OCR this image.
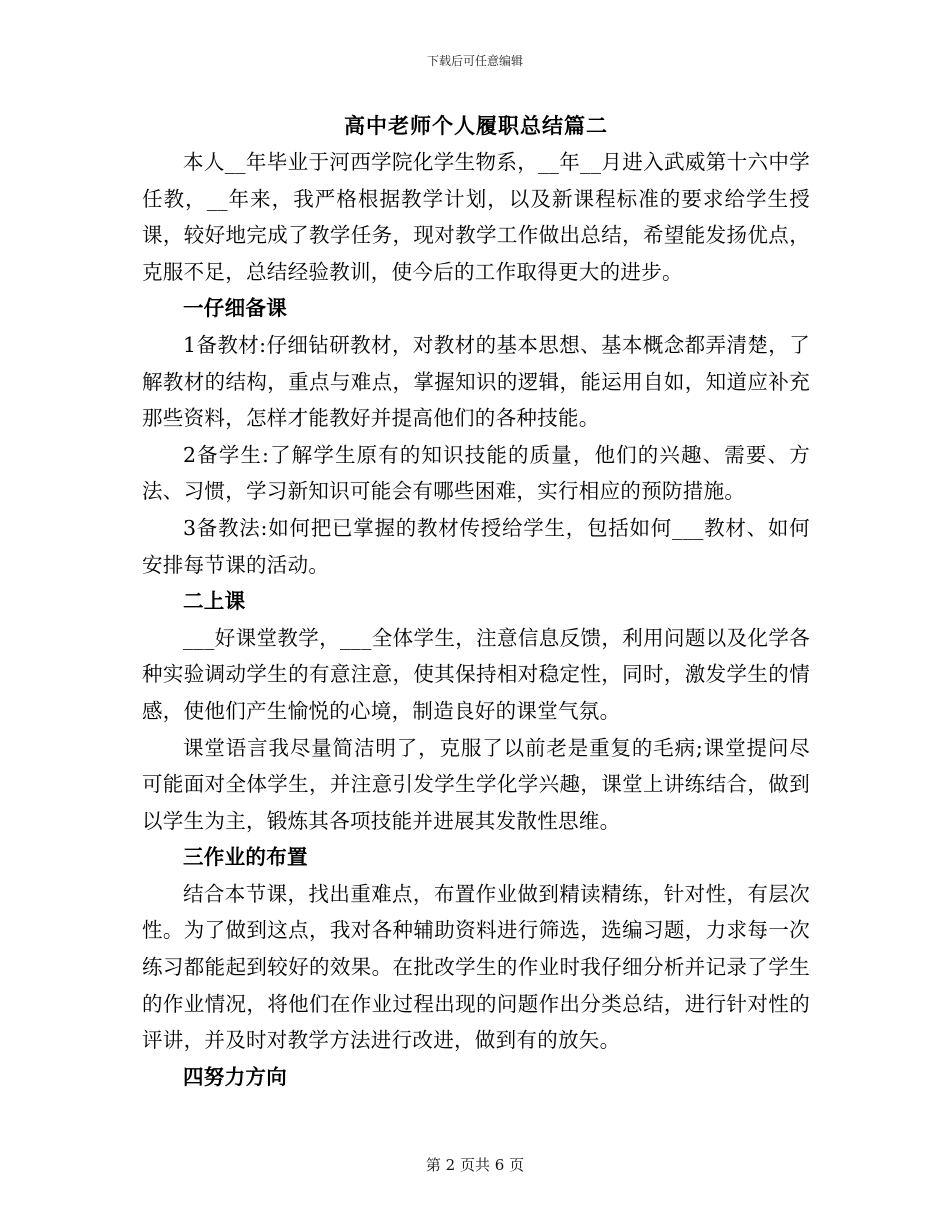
下载后可任意编辑
高中老师个人履职总结篇二

本人__年毕业于河西学院化学生物系，__年__月进入武威第十六中学任教，__年来，我严格根据教学计划，以及新课程标准的要求给学生授课，较好地完成了教学任务，现对教学工作做出总结，希望能发扬优点，克服不足，总结经验教训，使今后的工作取得更大的进步。

一仔细备课

1备教材:仔细钻研教材，对教材的基本思想、基本概念都弄清楚，了解教材的结构，重点与难点，掌握知识的逻辑，能运用自如，知道应补充那些资料，怎样才能教好并提高他们的各种技能。

2备学生:了解学生原有的知识技能的质量，他们的兴趣、需要、方法、习惯，学习新知识可能会有哪些困难，实行相应的预防措施。

3备教法:如何把已掌握的教材传授给学生，包括如何___教材、如何安排每节课的活动。

二上课

___好课堂教学，___全体学生，注意信息反馈，利用问题以及化学各种实验调动学生的有意注意，使其保持相对稳定性，同时，激发学生的情感，使他们产生愉悦的心境，制造良好的课堂气氛。

课堂语言我尽量简洁明了，克服了以前老是重复的毛病;课堂提问尽可能面对全体学生，并注意引发学生学化学兴趣，课堂上讲练结合，做到以学生为主，锻炼其各项技能并进展其发散性思维。

三作业的布置

结合本节课，找出重难点，布置作业做到精读精练，针对性，有层次性。为了做到这点，我对各种辅助资料进行筛选，选编习题，力求每一次练习都能起到较好的效果。在批改学生的作业时我仔细分析并记录了学生的作业情况，将他们在作业过程出现的问题作出分类总结，进行针对性的评讲，并及时对教学方法进行改进，做到有的放矢。

四努力方向

第 2 页共 6 页
